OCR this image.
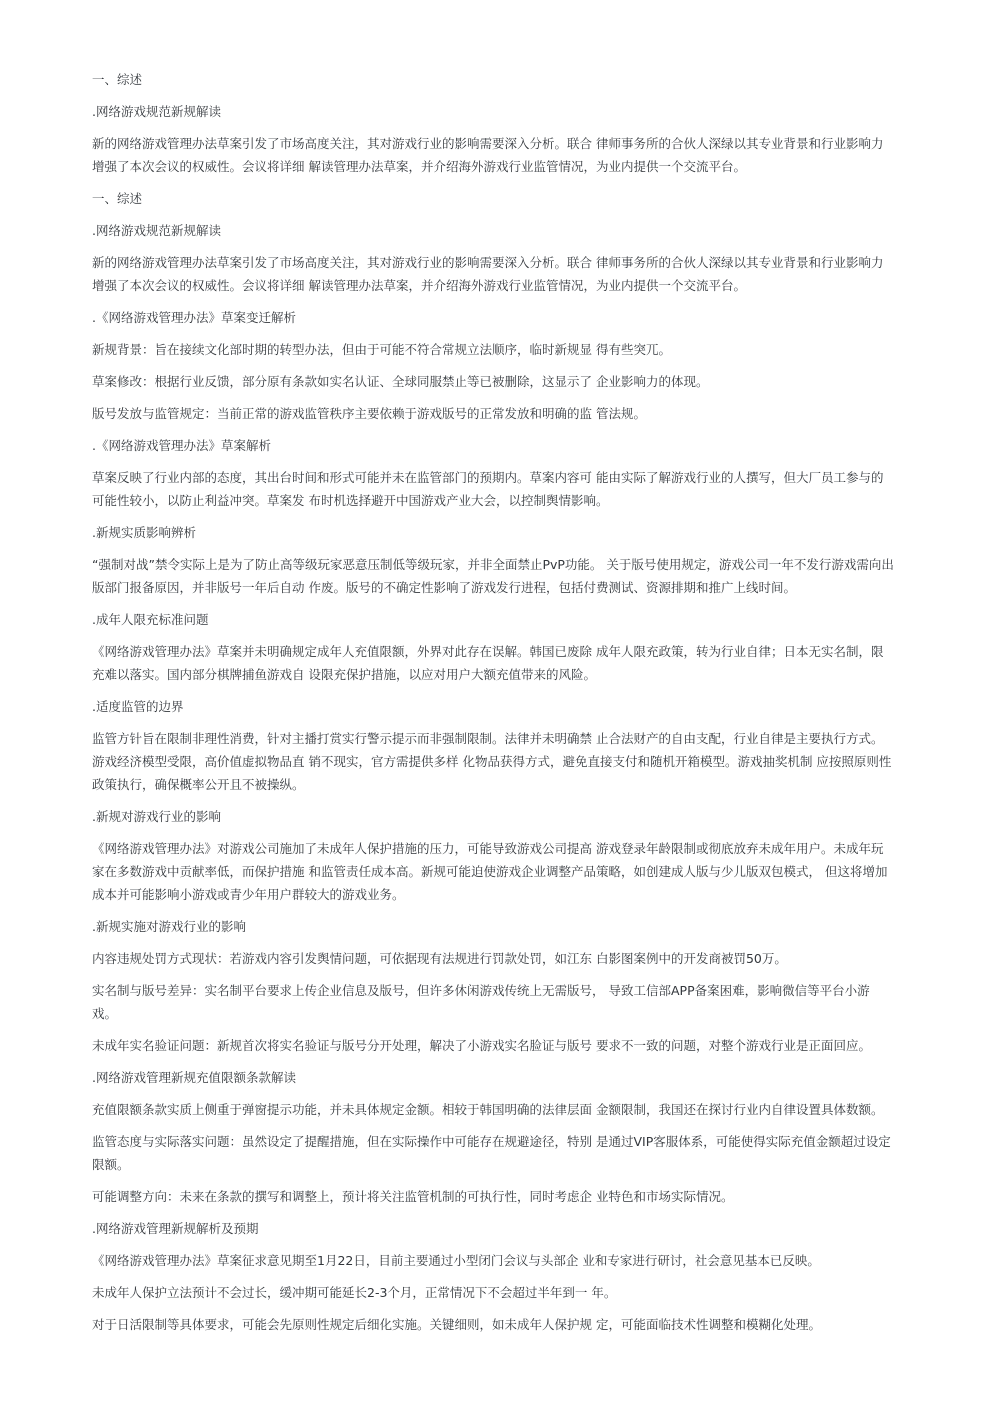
一、综述

.网络游戏规范新规解读

新的网络游戏管理办法草案引发了市场高度关注，其对游戏行业的影响需要深入分析。联合 律师事务所的合伙人深绿以其专业背景和行业影响力
增强了本次会议的权威性。会议将详细 解读管理办法草案，并介绍海外游戏行业监管情况，为业内提供一个交流平台。

一、综述

.网络游戏规范新规解读

新的网络游戏管理办法草案引发了市场高度关注，其对游戏行业的影响需要深入分析。联合 律师事务所的合伙人深绿以其专业背景和行业影响力
增强了本次会议的权威性。会议将详细 解读管理办法草案，并介绍海外游戏行业监管情况，为业内提供一个交流平台。

.《网络游戏管理办法》草案变迁解析

新规背景：旨在接续文化部时期的转型办法，但由于可能不符合常规立法顺序，临时新规显 得有些突兀。

草案修改：根据行业反馈，部分原有条款如实名认证、全球同服禁止等已被删除，这显示了 企业影响力的体现。

版号发放与监管规定：当前正常的游戏监管秩序主要依赖于游戏版号的正常发放和明确的监 管法规。

.《网络游戏管理办法》草案解析

草案反映了行业内部的态度，其出台时间和形式可能并未在监管部门的预期内。草案内容可 能由实际了解游戏行业的人撰写，但大厂员工参与的
可能性较小，以防止利益冲突。草案发 布时机选择避开中国游戏产业大会，以控制舆情影响。

.新规实质影响辨析

“强制对战”禁令实际上是为了防止高等级玩家恶意压制低等级玩家，并非全面禁止PvP功能。 关于版号使用规定，游戏公司一年不发行游戏需向出
版部门报备原因，并非版号一年后自动 作废。版号的不确定性影响了游戏发行进程，包括付费测试、资源排期和推广上线时间。

.成年人限充标准问题

《网络游戏管理办法》草案并未明确规定成年人充值限额，外界对此存在误解。韩国已废除 成年人限充政策，转为行业自律；日本无实名制，限
充难以落实。国内部分棋牌捕鱼游戏自 设限充保护措施，以应对用户大额充值带来的风险。

.适度监管的边界

监管方针旨在限制非理性消费，针对主播打赏实行警示提示而非强制限制。法律并未明确禁 止合法财产的自由支配，行业自律是主要执行方式。
游戏经济模型受限，高价值虚拟物品直 销不现实，官方需提供多样 化物品获得方式，避免直接支付和随机开箱模型。游戏抽奖机制 应按照原则性
政策执行，确保概率公开且不被操纵。

.新规对游戏行业的影响

《网络游戏管理办法》对游戏公司施加了未成年人保护措施的压力，可能导致游戏公司提高 游戏登录年龄限制或彻底放弃未成年用户。未成年玩
家在多数游戏中贡献率低，而保护措施 和监管责任成本高。新规可能迫使游戏企业调整产品策略，如创建成人版与少儿版双包模式， 但这将增加
成本并可能影响小游戏或青少年用户群较大的游戏业务。

.新规实施对游戏行业的影响

内容违规处罚方式现状：若游戏内容引发舆情问题，可依据现有法规进行罚款处罚，如江东 白影图案例中的开发商被罚50万。

实名制与版号差异：实名制平台要求上传企业信息及版号，但许多休闲游戏传统上无需版号， 导致工信部APP备案困难，影响微信等平台小游
戏。

未成年实名验证问题：新规首次将实名验证与版号分开处理，解决了小游戏实名脸证与版号 要求不一致的问题，对整个游戏行业是正面回应。

.网络游戏管理新规充值限额条款解读

充值限额条款实质上侧重于弹窗提示功能，并未具体规定金额。相较于韩国明确的法律层面 金额限制，我国还在探讨行业内自律设置具体数额。

监管态度与实际落实问题：虽然设定了提醒措施，但在实际操作中可能存在规避途径，特别 是通过VIP客服体系，可能使得实际充值金额超过设定
限额。

可能调整方向：未来在条款的撰写和调整上，预计将关注监管机制的可执行性，同时考虑企 业特色和市场实际情况。

.网络游戏管理新规解析及预期

《网络游戏管理办法》草案征求意见期至1月22日，目前主要通过小型闭门会议与头部企 业和专家进行研讨，社会意见基本已反映。

未成年人保护立法预计不会过长，缓冲期可能延长2-3个月，正常情况下不会超过半年到一 年。

对于日活限制等具体要求，可能会先原则性规定后细化实施。关键细则，如未成年人保护规 定，可能面临技术性调整和模糊化处理。
